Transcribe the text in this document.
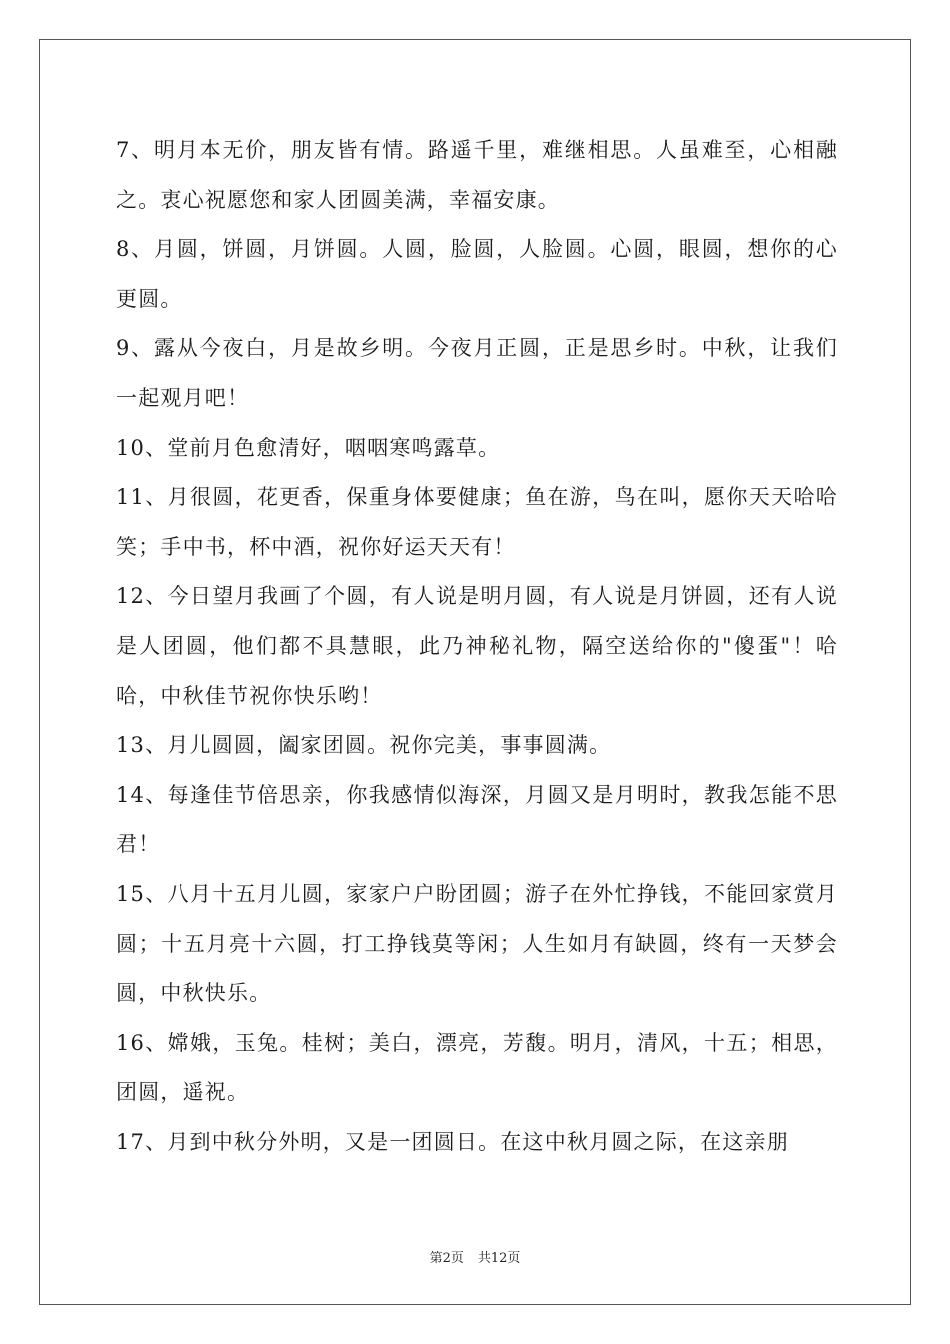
7、明月本无价，朋友皆有情。路遥千里，难继相思。人虽难至，心相融之。衷心祝愿您和家人团圆美满，幸福安康。

8、月圆，饼圆，月饼圆。人圆，脸圆，人脸圆。心圆，眼圆，想你的心更圆。

9、露从今夜白，月是故乡明。今夜月正圆，正是思乡时。中秋，让我们一起观月吧！

10、堂前月色愈清好，咽咽寒鸣露草。

11、月很圆，花更香，保重身体要健康；鱼在游，鸟在叫，愿你天天哈哈笑；手中书，杯中酒，祝你好运天天有！

12、今日望月我画了个圆，有人说是明月圆，有人说是月饼圆，还有人说是人团圆，他们都不具慧眼，此乃神秘礼物，隔空送给你的"傻蛋"！哈哈，中秋佳节祝你快乐哟！

13、月儿圆圆，阖家团圆。祝你完美，事事圆满。

14、每逢佳节倍思亲，你我感情似海深，月圆又是月明时，教我怎能不思君！

15、八月十五月儿圆，家家户户盼团圆；游子在外忙挣钱，不能回家赏月圆；十五月亮十六圆，打工挣钱莫等闲；人生如月有缺圆，终有一天梦会圆，中秋快乐。

16、嫦娥，玉兔。桂树；美白，漂亮，芳馥。明月，清风，十五；相思，团圆，遥祝。

17、月到中秋分外明，又是一团圆日。在这中秋月圆之际，在这亲朋

第2页 共12页
